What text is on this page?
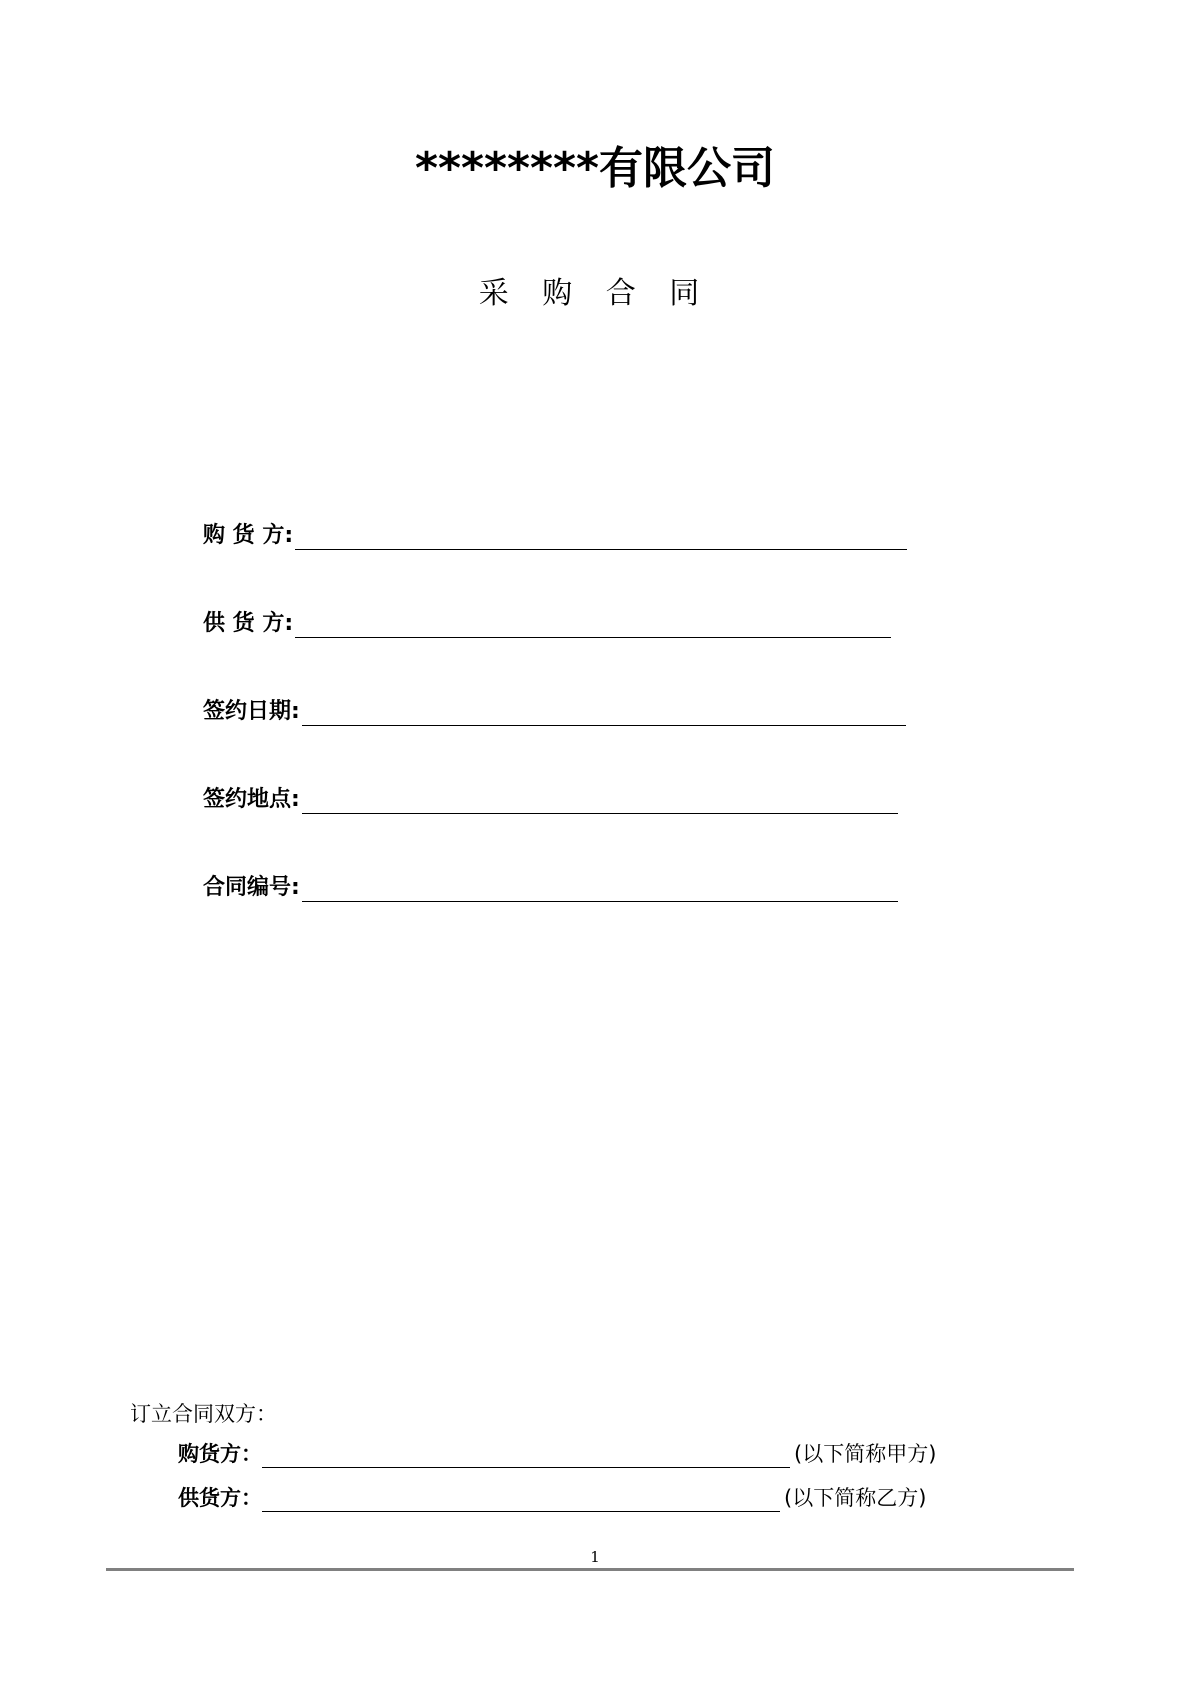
********有限公司
采 购 合 同
购 货 方:
供 货 方:
签约日期:
签约地点:
合同编号:
订立合同双方：
购货方：	(以下简称甲方)
供货方：	(以下简称乙方)
1
